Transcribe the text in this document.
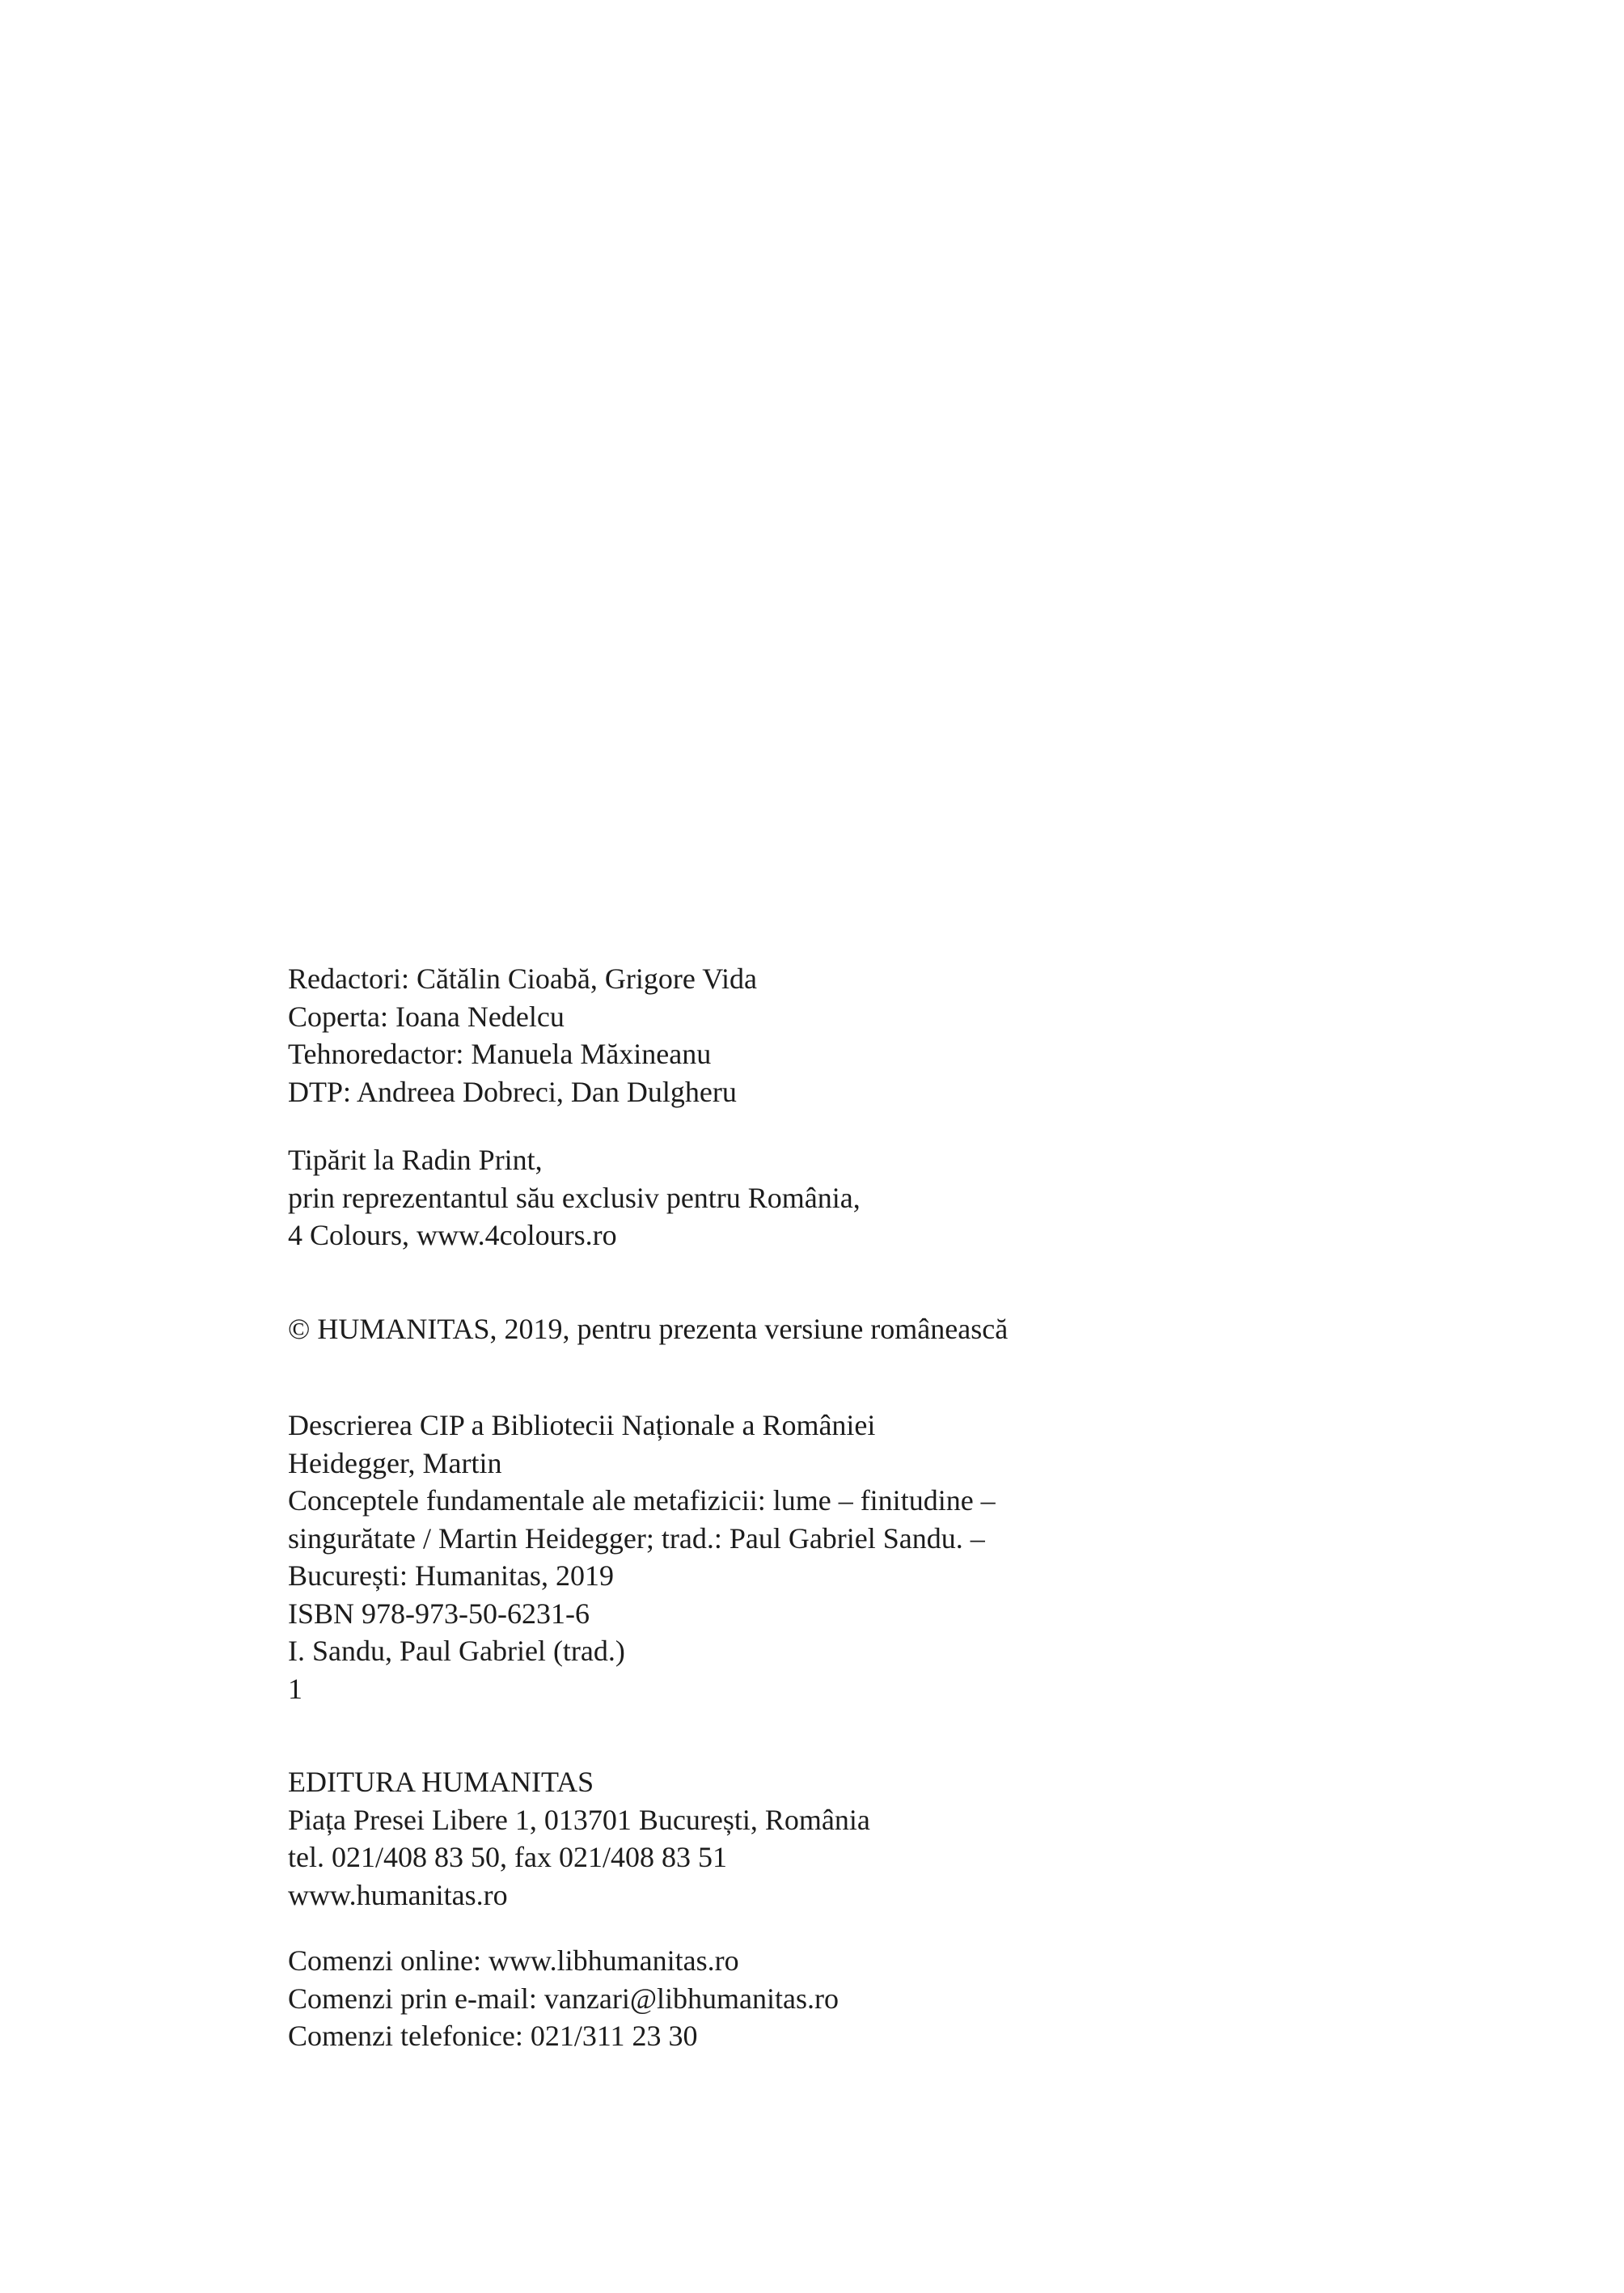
Redactori: Cătălin Cioabă, Grigore Vida
Coperta: Ioana Nedelcu
Tehnoredactor: Manuela Măxineanu
DTP: Andreea Dobreci, Dan Dulgheru
Tipărit la Radin Print,
prin reprezentantul său exclusiv pentru România,
4 Colours, www.4colours.ro
© HUMANITAS, 2019, pentru prezenta versiune românească
Descrierea CIP a Bibliotecii Naționale a României
Heidegger, Martin
Conceptele fundamentale ale metafizicii: lume – finitudine –
singurătate / Martin Heidegger; trad.: Paul Gabriel Sandu. –
București: Humanitas, 2019
ISBN 978-973-50-6231-6
I. Sandu, Paul Gabriel (trad.)
1
EDITURA HUMANITAS
Piața Presei Libere 1, 013701 București, România
tel. 021/408 83 50, fax 021/408 83 51
www.humanitas.ro
Comenzi online: www.libhumanitas.ro
Comenzi prin e-mail: vanzari@libhumanitas.ro
Comenzi telefonice: 021/311 23 30
